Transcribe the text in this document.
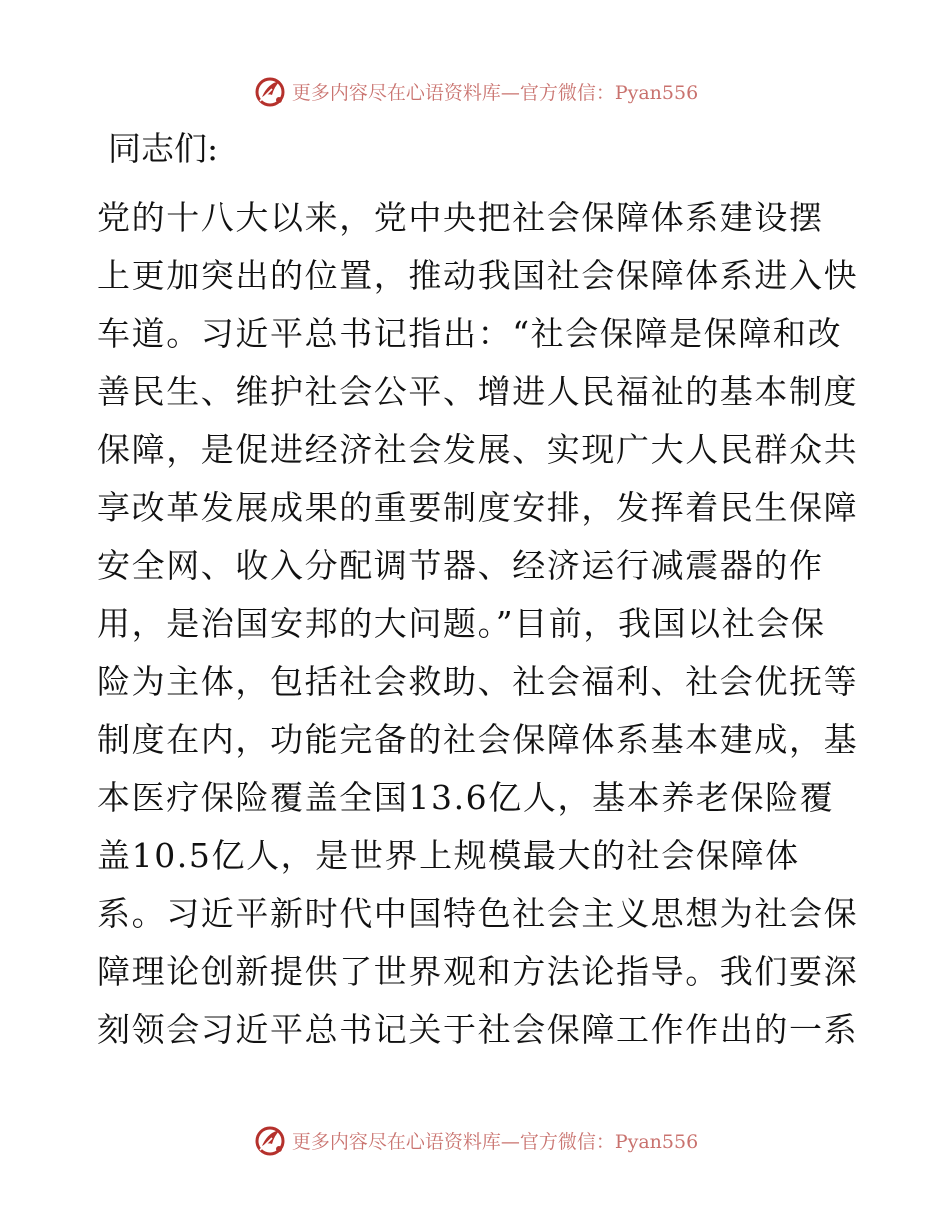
更多内容尽在心语资料库—官方微信：Pyan556
同志们:
党的十八大以来，党中央把社会保障体系建设摆
上更加突出的位置，推动我国社会保障体系进入快
车道。习近平总书记指出：“社会保障是保障和改
善民生、维护社会公平、增进人民福祉的基本制度
保障，是促进经济社会发展、实现广大人民群众共
享改革发展成果的重要制度安排，发挥着民生保障
安全网、收入分配调节器、经济运行减震器的作
用，是治国安邦的大问题。”目前，我国以社会保
险为主体，包括社会救助、社会福利、社会优抚等
制度在内，功能完备的社会保障体系基本建成，基
本医疗保险覆盖全国13.6亿人，基本养老保险覆
盖10.5亿人，是世界上规模最大的社会保障体
系。习近平新时代中国特色社会主义思想为社会保
障理论创新提供了世界观和方法论指导。我们要深
刻领会习近平总书记关于社会保障工作作出的一系
更多内容尽在心语资料库—官方微信：Pyan556
